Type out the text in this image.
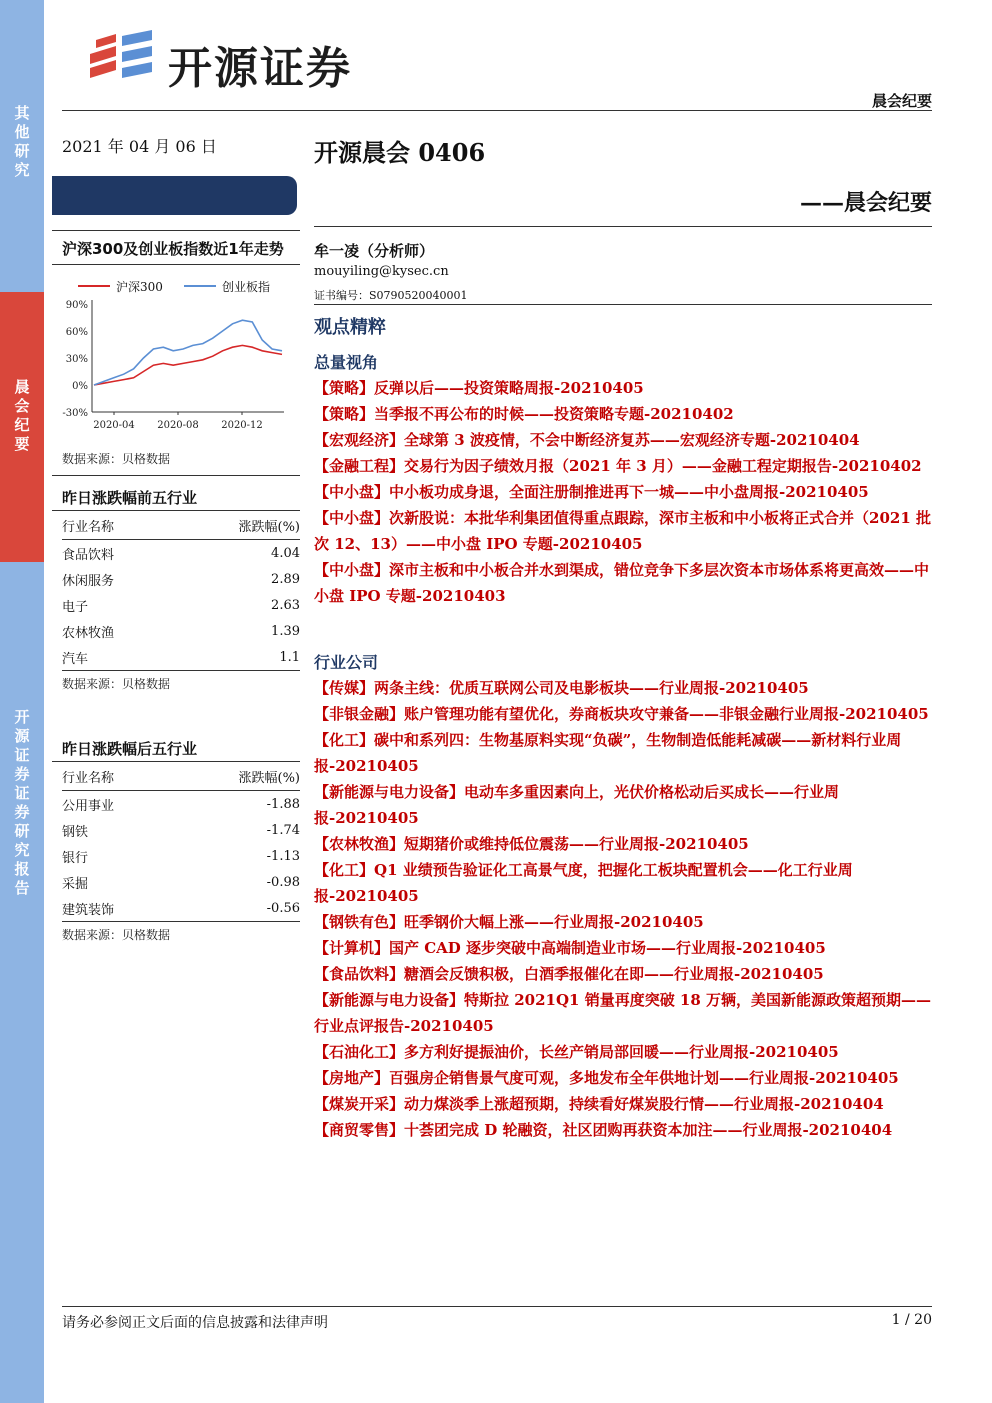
其他研究
晨会纪要
开源证券 证券研究报告
开源证券
晨会纪要
2021 年 04 月 06 日	开源晨会 0406
——晨会纪要
沪深300及创业板指数近1年走势
90%
60%
30%
0%
-30%
2020-04 2020-08 2020-12
数据来源：贝格数据
昨日涨跌幅前五行业
行业名称	涨跌幅(%)
食品饮料	4.04
休闲服务	2.89
电子	2.63
农林牧渔	1.39
汽车	1.1
数据来源：贝格数据
昨日涨跌幅后五行业
行业名称	涨跌幅(%)
公用事业	-1.88
钢铁	-1.74
银行	-1.13
采掘	-0.98
建筑装饰	-0.56
数据来源：贝格数据
牟一凌（分析师）
mouyiling@kysec.cn
证书编号：S0790520040001
观点精粹

总量视角

【策略】反弹以后——投资策略周报-20210405

【策略】当季报不再公布的时候——投资策略专题-20210402

【宏观经济】全球第 3 波疫情，不会中断经济复苏——宏观经济专题-20210404

【金融工程】交易行为因子绩效月报（2021 年 3 月）——金融工程定期报告-20210402

【中小盘】中小板功成身退，全面注册制推进再下一城——中小盘周报-20210405

【中小盘】次新股说：本批华利集团值得重点跟踪，深市主板和中小板将正式合并（2021 批次 12、13）——中小盘 IPO 专题-20210405

【中小盘】深市主板和中小板合并水到渠成，错位竞争下多层次资本市场体系将更高效——中小盘 IPO 专题-20210403

行业公司

【传媒】两条主线：优质互联网公司及电影板块——行业周报-20210405

【非银金融】账户管理功能有望优化，券商板块攻守兼备——非银金融行业周报-20210405

【化工】碳中和系列四：生物基原料实现“负碳”，生物制造低能耗减碳——新材料行业周报-20210405

【新能源与电力设备】电动车多重因素向上，光伏价格松动后买成长——行业周报-20210405

【农林牧渔】短期猪价或维持低位震荡——行业周报-20210405

【化工】Q1 业绩预告验证化工高景气度，把握化工板块配置机会——化工行业周报-20210405

【钢铁有色】旺季钢价大幅上涨——行业周报-20210405

【计算机】国产 CAD 逐步突破中高端制造业市场——行业周报-20210405

【食品饮料】糖酒会反馈积极，白酒季报催化在即——行业周报-20210405

【新能源与电力设备】特斯拉 2021Q1 销量再度突破 18 万辆，美国新能源政策超预期——行业点评报告-20210405

【石油化工】多方利好提振油价，长丝产销局部回暖——行业周报-20210405

【房地产】百强房企销售景气度可观，多地发布全年供地计划——行业周报-20210405

【煤炭开采】动力煤淡季上涨超预期，持续看好煤炭股行情——行业周报-20210404

【商贸零售】十荟团完成 D 轮融资，社区团购再获资本加注——行业周报-20210404

请务必参阅正文后面的信息披露和法律声明	1 / 20
沪深300	创业板指
